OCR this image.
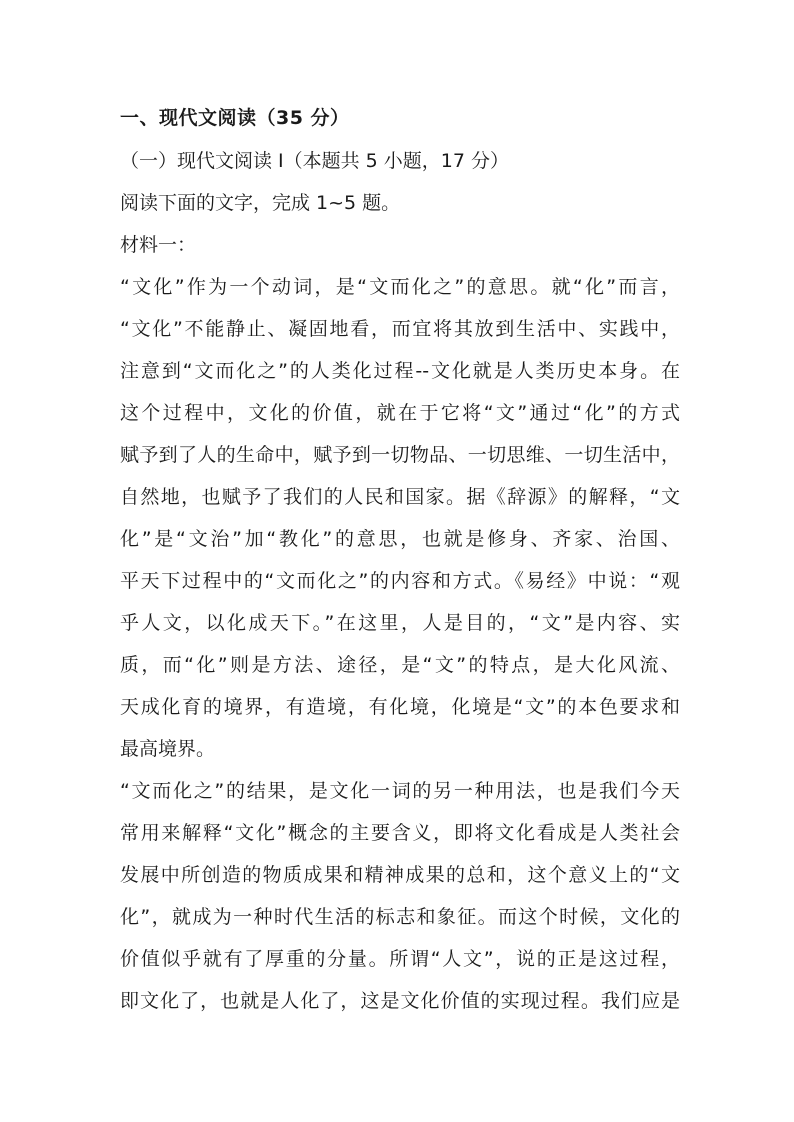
一、现代文阅读（35 分）
（一）现代文阅读 I（本题共 5 小题，17 分）
阅读下面的文字，完成 1~5 题。
材料一：
“文化”作为一个动词，是“文而化之”的意思。就“化”而言，
“文化”不能静止、凝固地看，而宜将其放到生活中、实践中，
注意到“文而化之”的人类化过程--文化就是人类历史本身。在
这个过程中，文化的价值，就在于它将“文”通过“化”的方式
赋予到了人的生命中，赋予到一切物品、一切思维、一切生活中，
自然地，也赋予了我们的人民和国家。据《辞源》的解释，“文
化”是“文治”加“教化”的意思，也就是修身、齐家、治国、
平天下过程中的“文而化之”的内容和方式。《易经》中说：“观
乎人文，以化成天下。”在这里，人是目的，“文”是内容、实
质，而“化”则是方法、途径，是“文”的特点，是大化风流、
天成化育的境界，有造境，有化境，化境是“文”的本色要求和
最高境界。
“文而化之”的结果，是文化一词的另一种用法，也是我们今天
常用来解释“文化”概念的主要含义，即将文化看成是人类社会
发展中所创造的物质成果和精神成果的总和，这个意义上的“文
化”，就成为一种时代生活的标志和象征。而这个时候，文化的
价值似乎就有了厚重的分量。所谓“人文”，说的正是这过程，
即文化了，也就是人化了，这是文化价值的实现过程。我们应是
